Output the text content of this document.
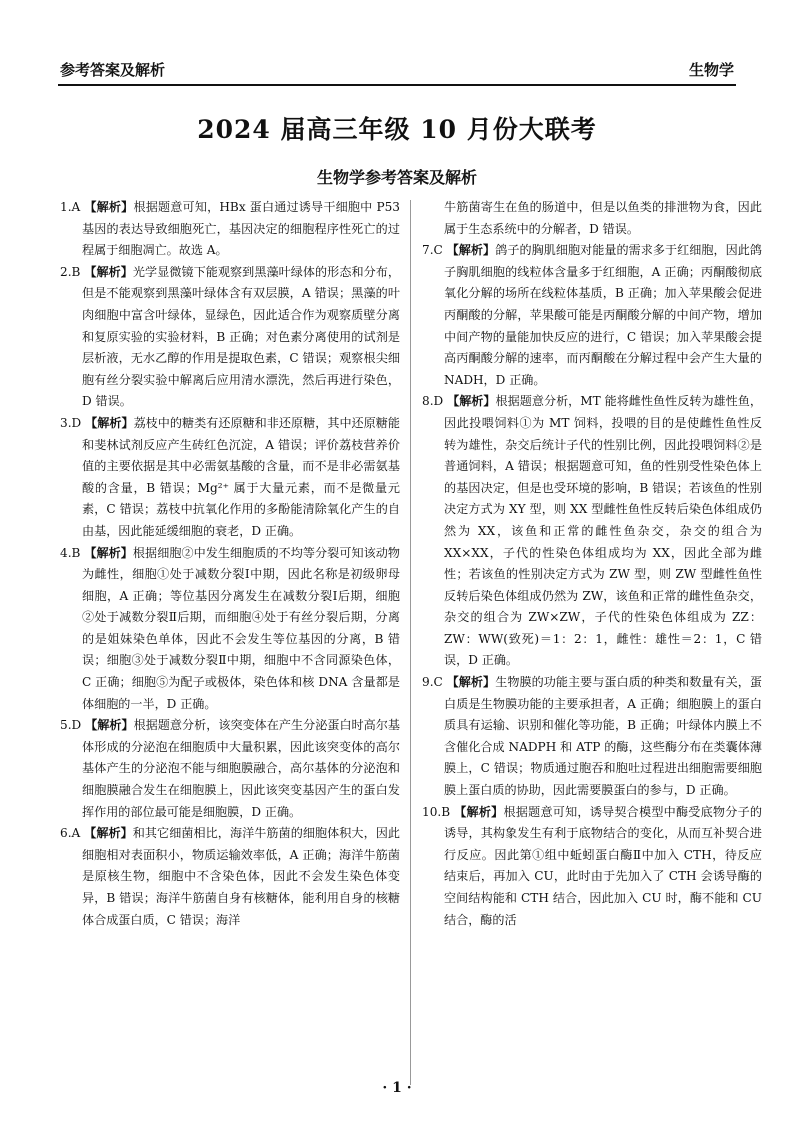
参考答案及解析	生物学
2024 届高三年级 10 月份大联考
生物学参考答案及解析
1.A 【解析】根据题意可知，HBx 蛋白通过诱导干细胞中 P53 基因的表达导致细胞死亡，基因决定的细胞程序性死亡的过程属于细胞凋亡。故选 A。
2.B 【解析】光学显微镜下能观察到黑藻叶绿体的形态和分布，但是不能观察到黑藻叶绿体含有双层膜，A 错误；黑藻的叶肉细胞中富含叶绿体，显绿色，因此适合作为观察质壁分离和复原实验的实验材料，B 正确；对色素分离使用的试剂是层析液，无水乙醇的作用是提取色素，C 错误；观察根尖细胞有丝分裂实验中解离后应用清水漂洗，然后再进行染色，D 错误。
3.D 【解析】荔枝中的糖类有还原糖和非还原糖，其中还原糖能和斐林试剂反应产生砖红色沉淀，A 错误；评价荔枝营养价值的主要依据是其中必需氨基酸的含量，而不是非必需氨基酸的含量，B 错误；Mg²⁺ 属于大量元素，而不是微量元素，C 错误；荔枝中抗氧化作用的多酚能清除氧化产生的自由基，因此能延缓细胞的衰老，D 正确。
4.B 【解析】根据细胞②中发生细胞质的不均等分裂可知该动物为雌性，细胞①处于减数分裂Ⅰ中期，因此名称是初级卵母细胞，A 正确；等位基因分离发生在减数分裂Ⅰ后期，细胞②处于减数分裂Ⅱ后期，而细胞④处于有丝分裂后期，分离的是姐妹染色单体，因此不会发生等位基因的分离，B 错误；细胞③处于减数分裂Ⅱ中期，细胞中不含同源染色体，C 正确；细胞⑤为配子或极体，染色体和核 DNA 含量都是体细胞的一半，D 正确。
5.D 【解析】根据题意分析，该突变体在产生分泌蛋白时高尔基体形成的分泌泡在细胞质中大量积累，因此该突变体的高尔基体产生的分泌泡不能与细胞膜融合，高尔基体的分泌泡和细胞膜融合发生在细胞膜上，因此该突变基因产生的蛋白发挥作用的部位最可能是细胞膜，D 正确。
6.A 【解析】和其它细菌相比，海洋牛筋菌的细胞体积大，因此细胞相对表面积小，物质运输效率低，A 正确；海洋牛筋菌是原核生物，细胞中不含染色体，因此不会发生染色体变异，B 错误；海洋牛筋菌自身有核糖体，能利用自身的核糖体合成蛋白质，C 错误；海洋
牛筋菌寄生在鱼的肠道中，但是以鱼类的排泄物为食，因此属于生态系统中的分解者，D 错误。
7.C 【解析】鸽子的胸肌细胞对能量的需求多于红细胞，因此鸽子胸肌细胞的线粒体含量多于红细胞，A 正确；丙酮酸彻底氧化分解的场所在线粒体基质，B 正确；加入苹果酸会促进丙酮酸的分解，苹果酸可能是丙酮酸分解的中间产物，增加中间产物的量能加快反应的进行，C 错误；加入苹果酸会提高丙酮酸分解的速率，而丙酮酸在分解过程中会产生大量的 NADH，D 正确。
8.D 【解析】根据题意分析，MT 能将雌性鱼性反转为雄性鱼，因此投喂饲料①为 MT 饲料，投喂的目的是使雌性鱼性反转为雄性，杂交后统计子代的性别比例，因此投喂饲料②是普通饲料，A 错误；根据题意可知，鱼的性别受性染色体上的基因决定，但是也受环境的影响，B 错误；若该鱼的性别决定方式为 XY 型，则 XX 型雌性鱼性反转后染色体组成仍然为 XX，该鱼和正常的雌性鱼杂交，杂交的组合为 XX×XX，子代的性染色体组成均为 XX，因此全部为雌性；若该鱼的性别决定方式为 ZW 型，则 ZW 型雌性鱼性反转后染色体组成仍然为 ZW，该鱼和正常的雌性鱼杂交，杂交的组合为 ZW×ZW，子代的性染色体组成为 ZZ：ZW：WW(致死)＝1：2：1，雌性：雄性＝2：1，C 错误，D 正确。
9.C 【解析】生物膜的功能主要与蛋白质的种类和数量有关，蛋白质是生物膜功能的主要承担者，A 正确；细胞膜上的蛋白质具有运输、识别和催化等功能，B 正确；叶绿体内膜上不含催化合成 NADPH 和 ATP 的酶，这些酶分布在类囊体薄膜上，C 错误；物质通过胞吞和胞吐过程进出细胞需要细胞膜上蛋白质的协助，因此需要膜蛋白的参与，D 正确。
10.B 【解析】根据题意可知，诱导契合模型中酶受底物分子的诱导，其构象发生有利于底物结合的变化，从而互补契合进行反应。因此第①组中蚯蚓蛋白酶Ⅱ中加入 CTH，待反应结束后，再加入 CU，此时由于先加入了 CTH 会诱导酶的空间结构能和 CTH 结合，因此加入 CU 时，酶不能和 CU 结合，酶的活
· 1 ·
